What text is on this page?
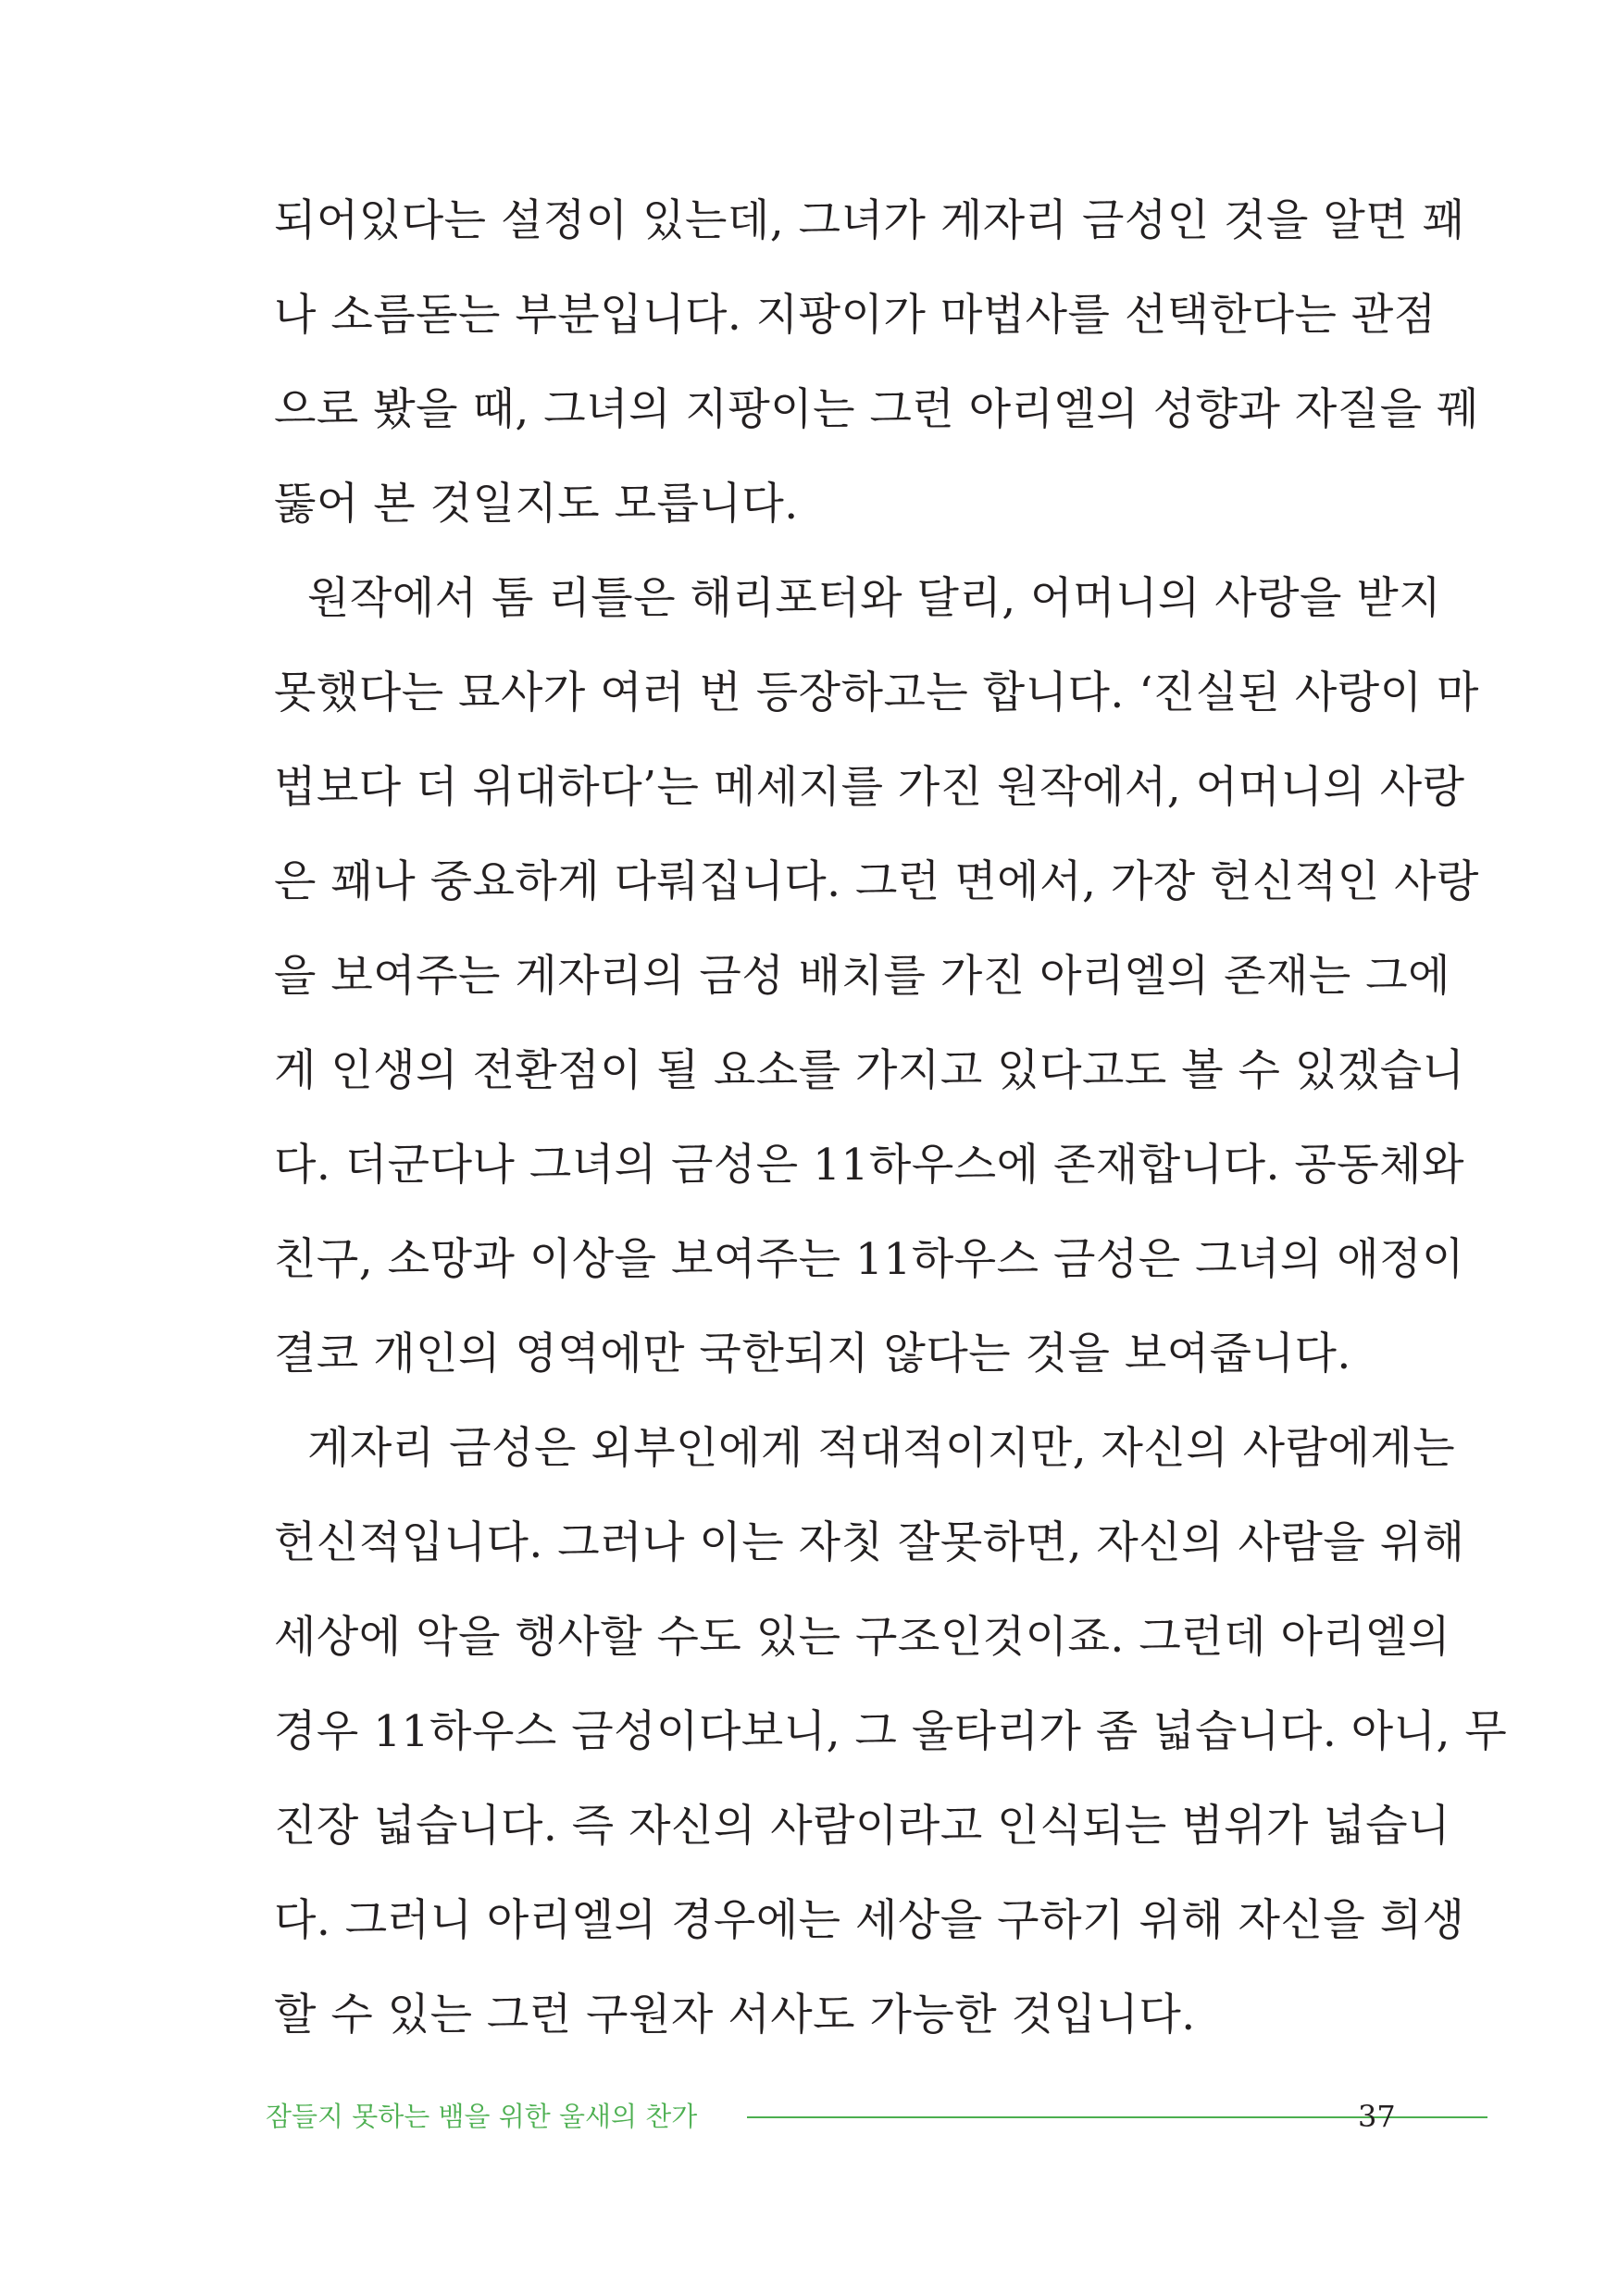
되어있다는 설정이 있는데, 그녀가 게자리 금성인 것을 알면 꽤
나 소름돋는 부분입니다. 지팡이가 마법사를 선택한다는 관점
으로 봤을 때, 그녀의 지팡이는 그런 아리엘의 성향과 자질을 꿰
뚫어 본 것일지도 모릅니다.
원작에서 톰 리틀은 해리포터와 달리, 어머니의 사랑을 받지
못했다는 묘사가 여러 번 등장하고는 합니다. ‘진실된 사랑이 마
법보다 더 위대하다’는 메세지를 가진 원작에서, 어머니의 사랑
은 꽤나 중요하게 다뤄집니다. 그런 면에서, 가장 헌신적인 사랑
을 보여주는 게자리의 금성 배치를 가진 아리엘의 존재는 그에
게 인생의 전환점이 될 요소를 가지고 있다고도 볼 수 있겠습니
다. 더군다나 그녀의 금성은 11하우스에 존재합니다. 공동체와
친구, 소망과 이상을 보여주는 11하우스 금성은 그녀의 애정이
결코 개인의 영역에만 국한되지 않다는 것을 보여줍니다.
게자리 금성은 외부인에게 적대적이지만, 자신의 사람에게는
헌신적입니다. 그러나 이는 자칫 잘못하면, 자신의 사람을 위해
세상에 악을 행사할 수도 있는 구조인것이죠. 그런데 아리엘의
경우 11하우스 금성이다보니, 그 울타리가 좀 넓습니다. 아니, 무
진장 넓습니다. 즉 자신의 사람이라고 인식되는 범위가 넓습니
다. 그러니 아리엘의 경우에는 세상을 구하기 위해 자신을 희생
할 수 있는 그런 구원자 서사도 가능한 것입니다.
잠들지 못하는 뱀을 위한 울새의 찬가	37
